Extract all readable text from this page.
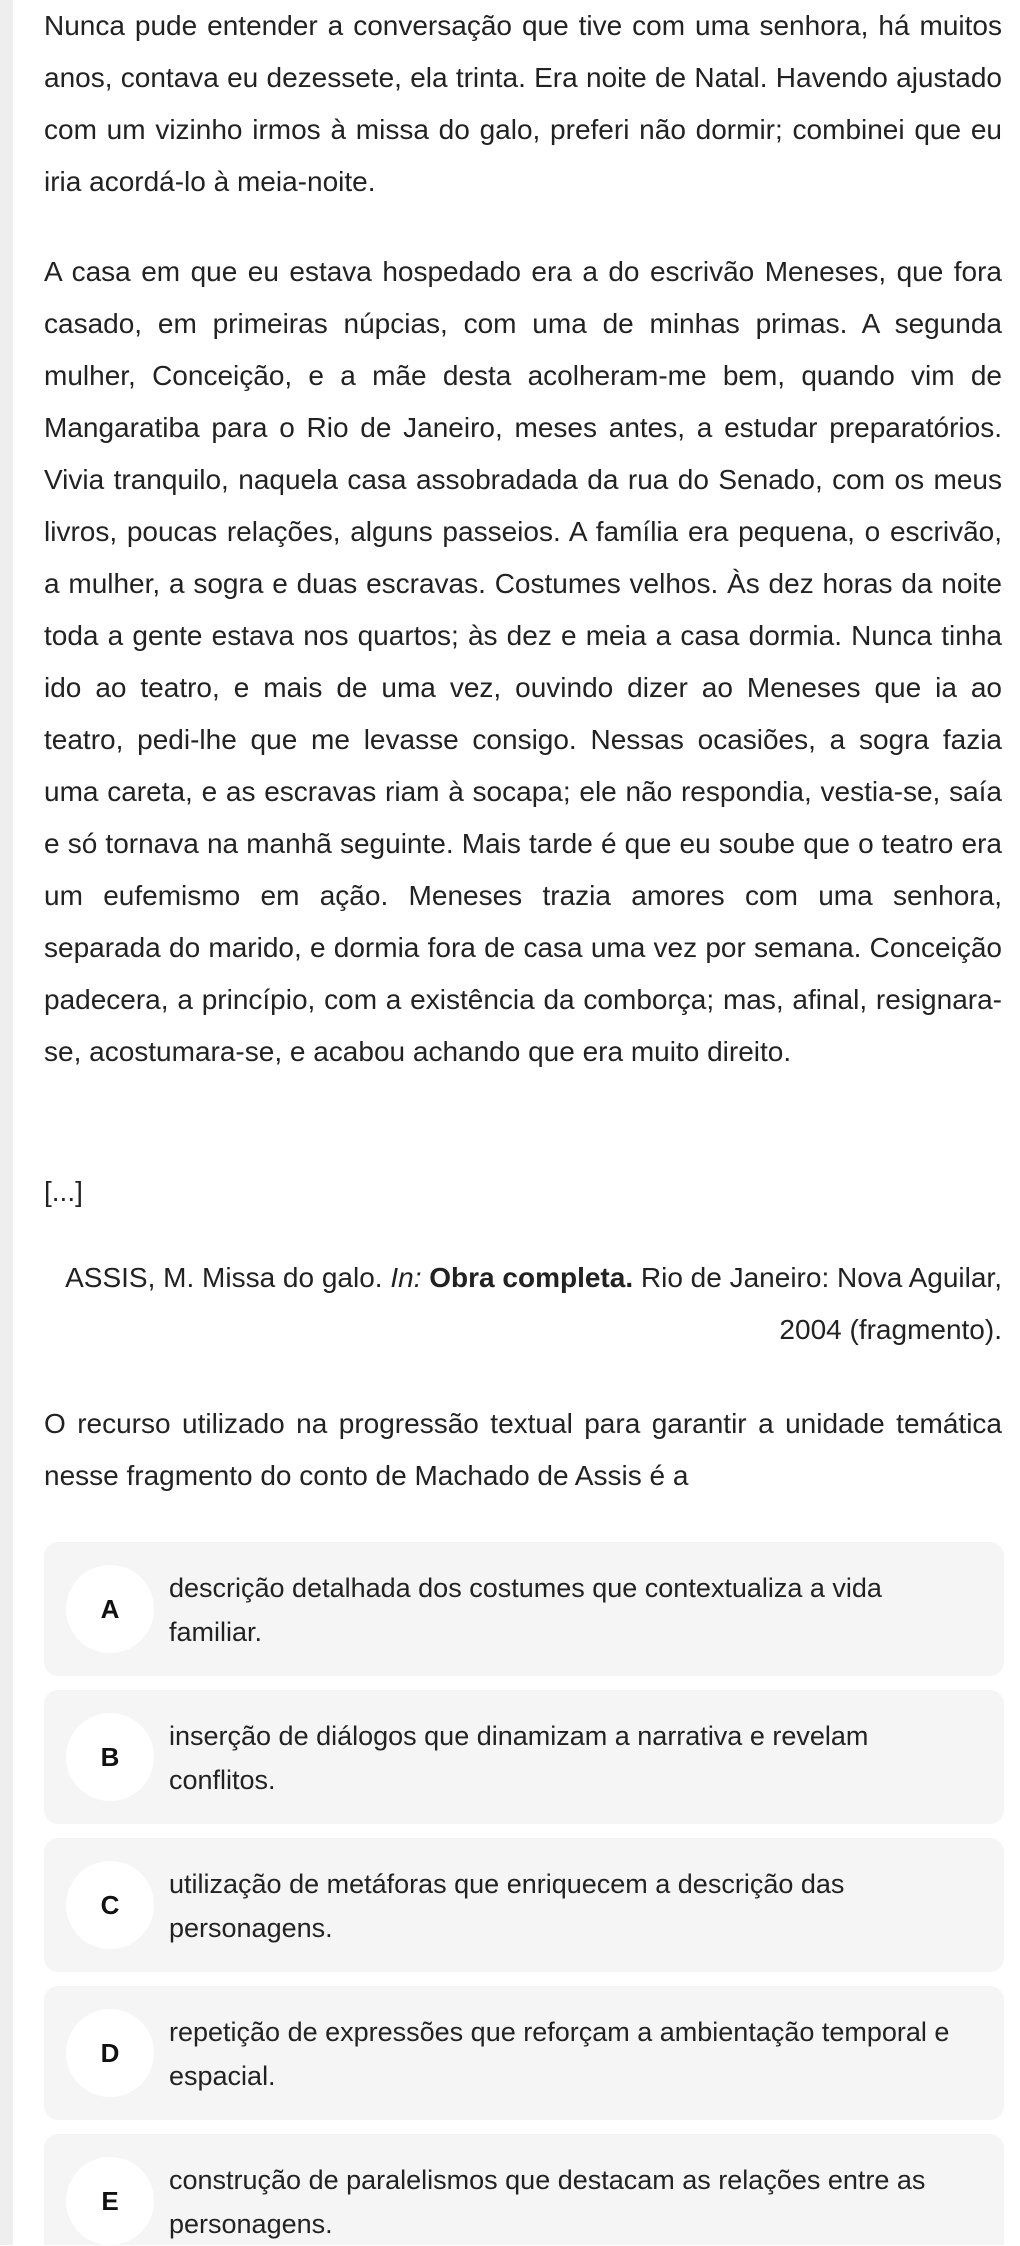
Nunca pude entender a conversação que tive com uma senhora, há muitos anos, contava eu dezessete, ela trinta. Era noite de Natal. Havendo ajustado com um vizinho irmos à missa do galo, preferi não dormir; combinei que eu iria acordá-lo à meia-noite.

A casa em que eu estava hospedado era a do escrivão Meneses, que fora casado, em primeiras núpcias, com uma de minhas primas. A segunda mulher, Conceição, e a mãe desta acolheram-me bem, quando vim de Mangaratiba para o Rio de Janeiro, meses antes, a estudar preparatórios. Vivia tranquilo, naquela casa assobradada da rua do Senado, com os meus livros, poucas relações, alguns passeios. A família era pequena, o escrivão, a mulher, a sogra e duas escravas. Costumes velhos. Às dez horas da noite toda a gente estava nos quartos; às dez e meia a casa dormia. Nunca tinha ido ao teatro, e mais de uma vez, ouvindo dizer ao Meneses que ia ao teatro, pedi-lhe que me levasse consigo. Nessas ocasiões, a sogra fazia uma careta, e as escravas riam à socapa; ele não respondia, vestia-se, saía e só tornava na manhã seguinte. Mais tarde é que eu soube que o teatro era um eufemismo em ação. Meneses trazia amores com uma senhora, separada do marido, e dormia fora de casa uma vez por semana. Conceição padecera, a princípio, com a existência da comborça; mas, afinal, resignara-se, acostumara-se, e acabou achando que era muito direito.

[...]
ASSIS, M. Missa do galo. In: Obra completa. Rio de Janeiro: Nova Aguilar,
2004 (fragmento).
O recurso utilizado na progressão textual para garantir a unidade temática nesse fragmento do conto de Machado de Assis é a
A
descrição detalhada dos costumes que contextualiza a vida familiar.
B
inserção de diálogos que dinamizam a narrativa e revelam conflitos.
C
utilização de metáforas que enriquecem a descrição das personagens.
D
repetição de expressões que reforçam a ambientação temporal e espacial.
E
construção de paralelismos que destacam as relações entre as personagens.
